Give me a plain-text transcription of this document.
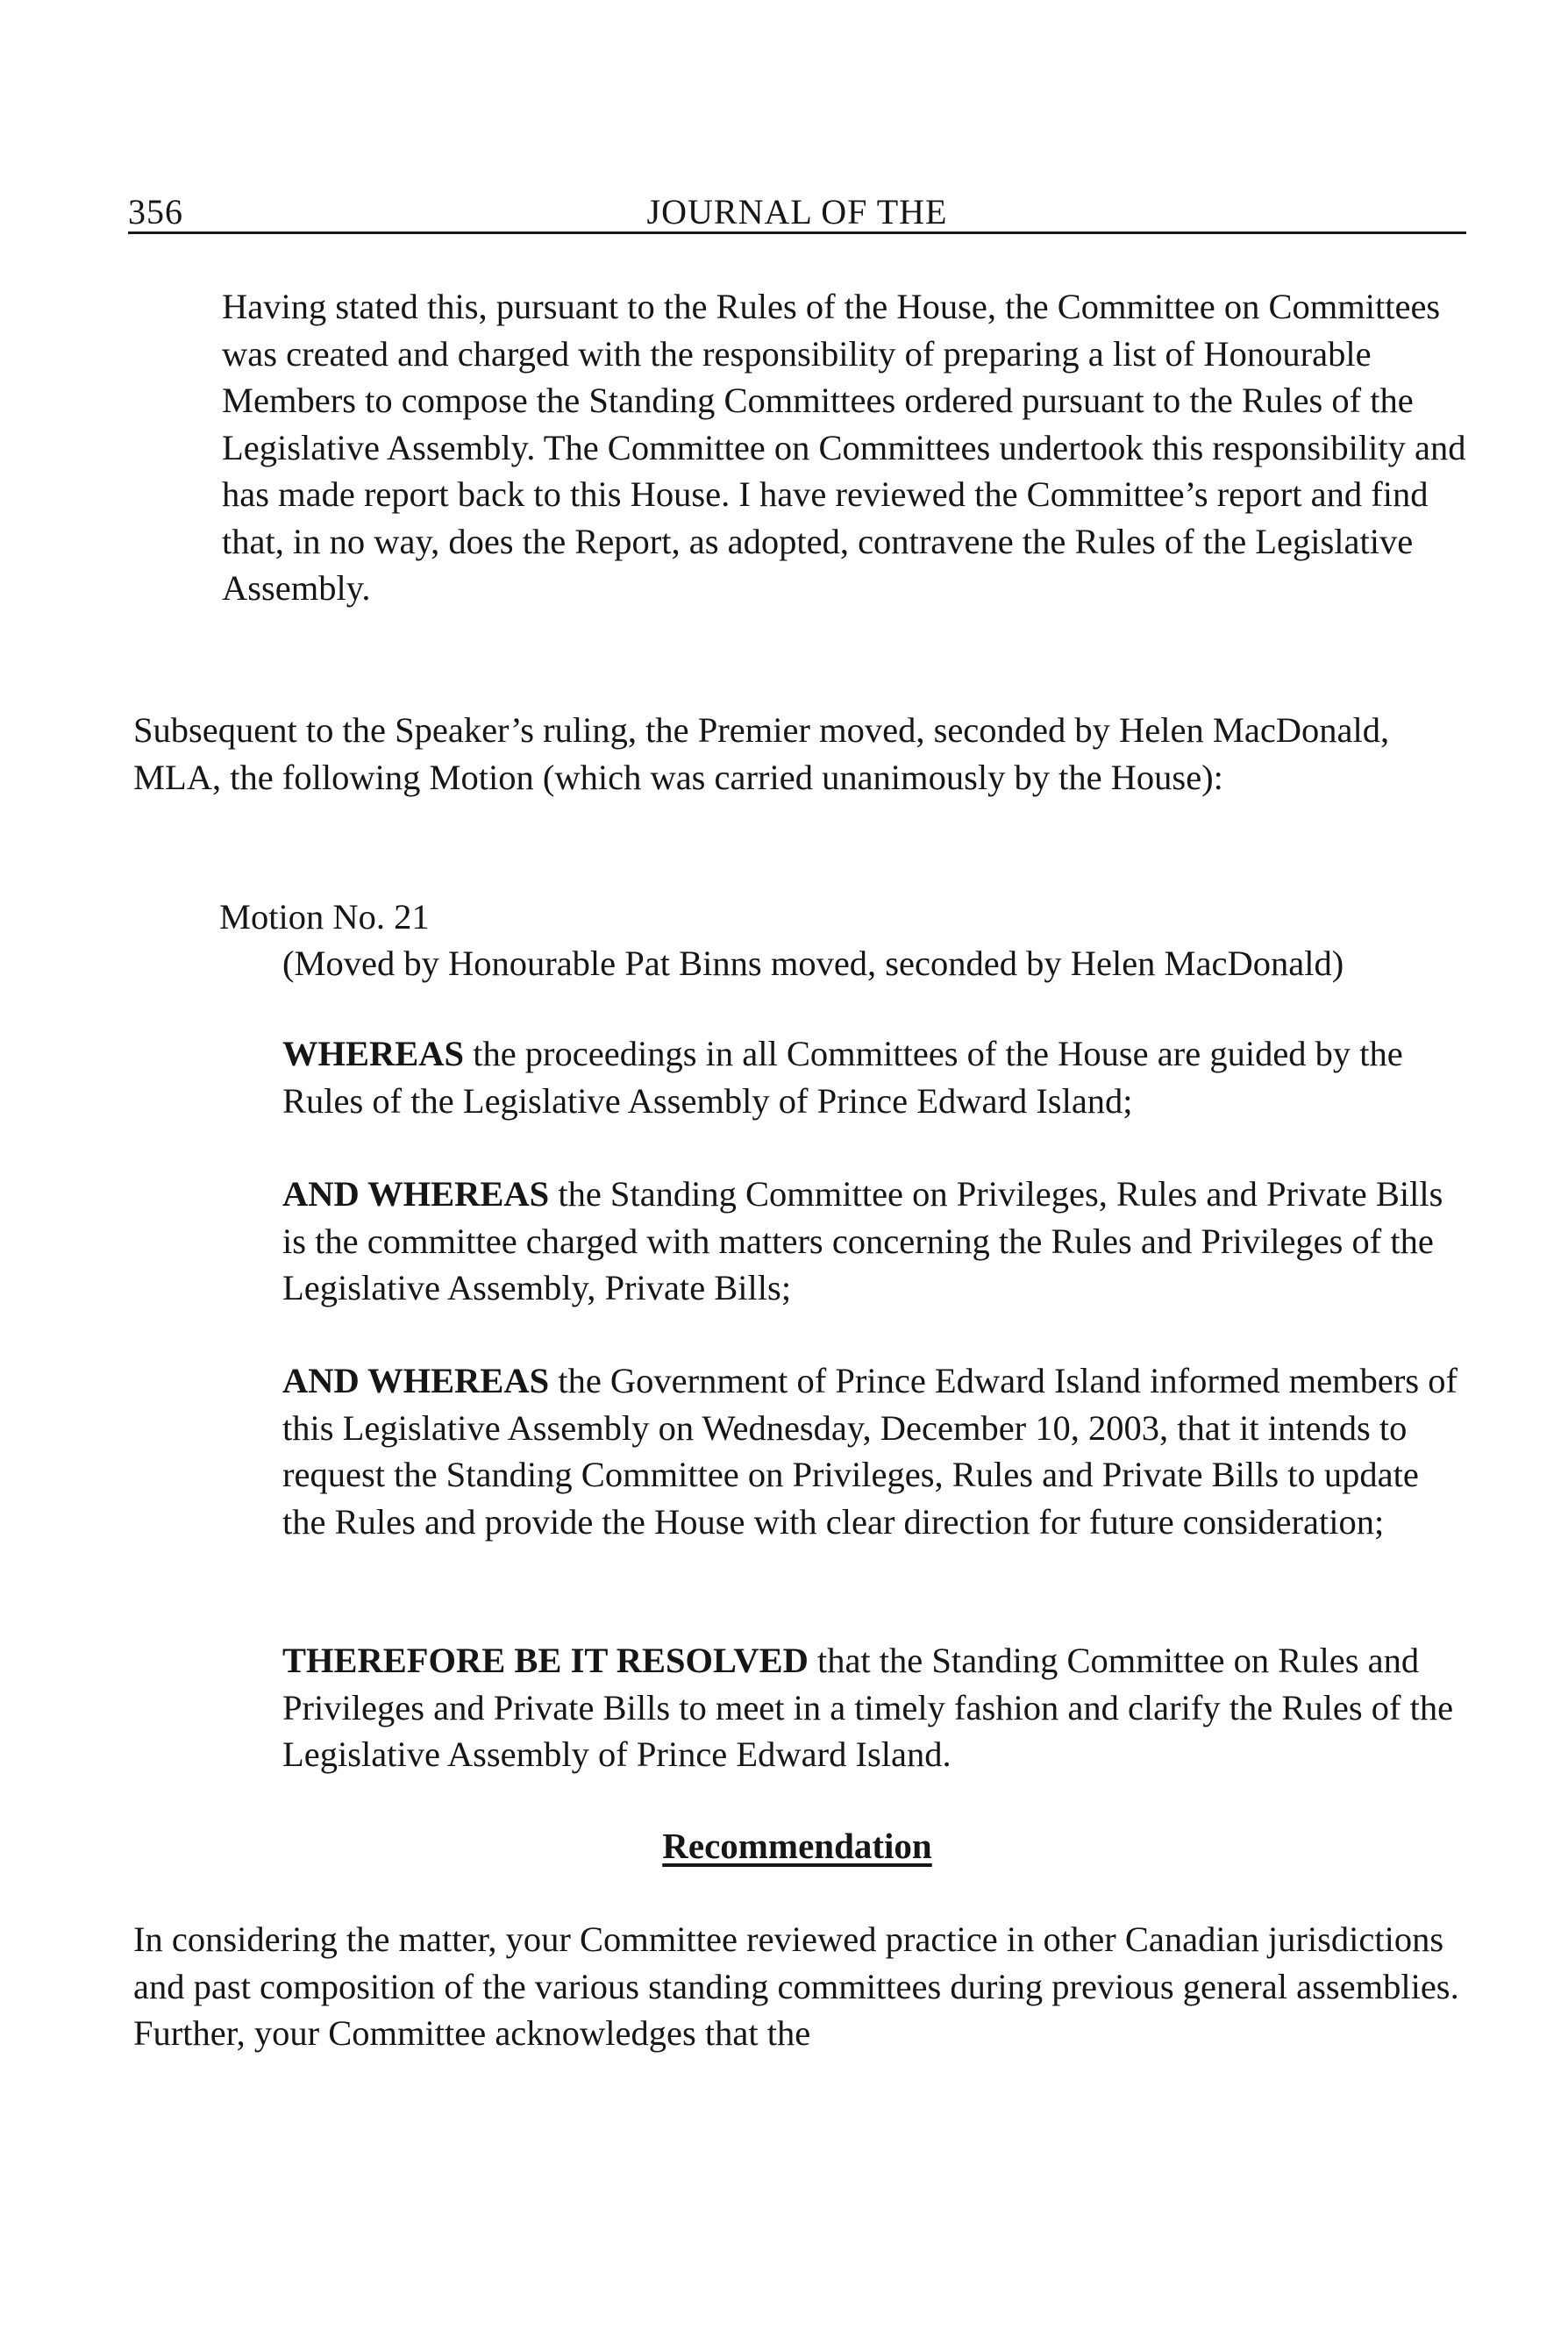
356	JOURNAL OF THE

Having stated this, pursuant to the Rules of the House, the Committee on Committees was created and charged with the responsibility of preparing a list of Honourable Members to compose the Standing Committees ordered pursuant to the Rules of the Legislative Assembly. The Committee on Committees undertook this responsibility and has made report back to this House. I have reviewed the Committee’s report and find that, in no way, does the Report, as adopted, contravene the Rules of the Legislative Assembly.

Subsequent to the Speaker’s ruling, the Premier moved, seconded by Helen MacDonald, MLA, the following Motion (which was carried unanimously by the House):

Motion No. 21

(Moved by Honourable Pat Binns moved, seconded by Helen MacDonald)

WHEREAS the proceedings in all Committees of the House are guided by the Rules of the Legislative Assembly of Prince Edward Island;

AND WHEREAS the Standing Committee on Privileges, Rules and Private Bills is the committee charged with matters concerning the Rules and Privileges of the Legislative Assembly, Private Bills;

AND WHEREAS the Government of Prince Edward Island informed members of this Legislative Assembly on Wednesday, December 10, 2003, that it intends to request the Standing Committee on Privileges, Rules and Private Bills to update the Rules and provide the House with clear direction for future consideration;

THEREFORE BE IT RESOLVED that the Standing Committee on Rules and Privileges and Private Bills to meet in a timely fashion and clarify the Rules of the Legislative Assembly of Prince Edward Island.

Recommendation

In considering the matter, your Committee reviewed practice in other Canadian jurisdictions and past composition of the various standing committees during previous general assemblies. Further, your Committee acknowledges that the
